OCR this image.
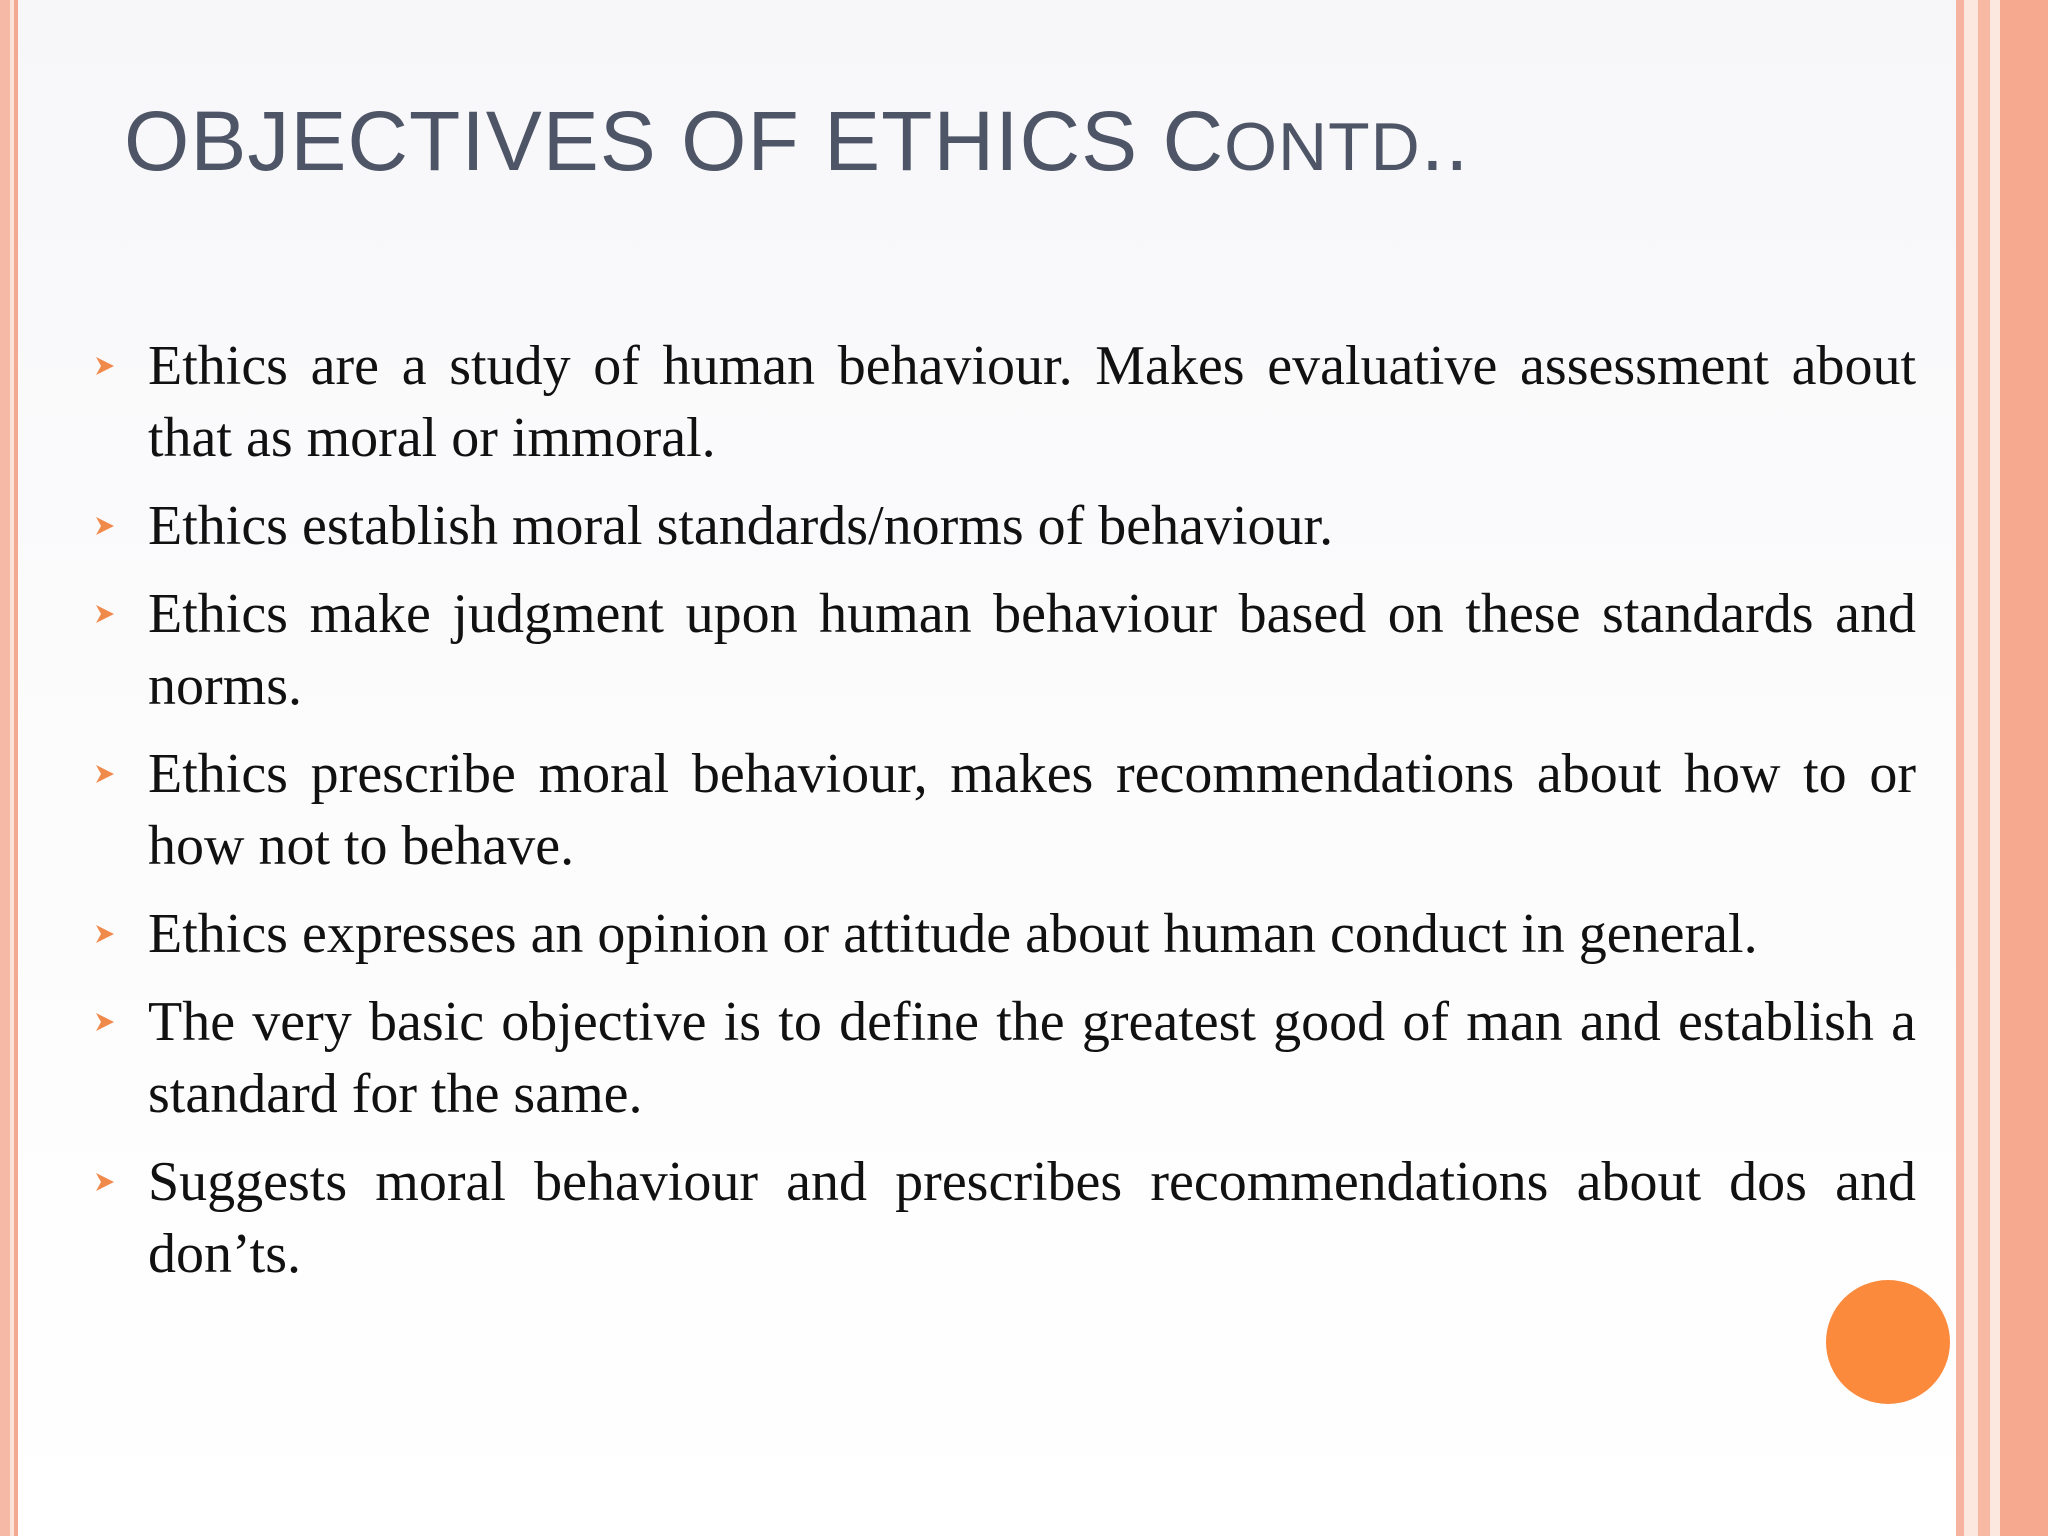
OBJECTIVES OF ETHICS CONTD..
Ethics are a study of human behaviour. Makes evaluative assessment about that as moral or immoral.
Ethics establish moral standards/norms of behaviour.
Ethics make judgment upon human behaviour based on these standards and norms.
Ethics prescribe moral behaviour, makes recommendations about how to or how not to behave.
Ethics expresses an opinion or attitude about human conduct in general.
The very basic objective is to define the greatest good of man and establish a standard for the same.
Suggests moral behaviour and prescribes recommendations about dos and don’ts.
